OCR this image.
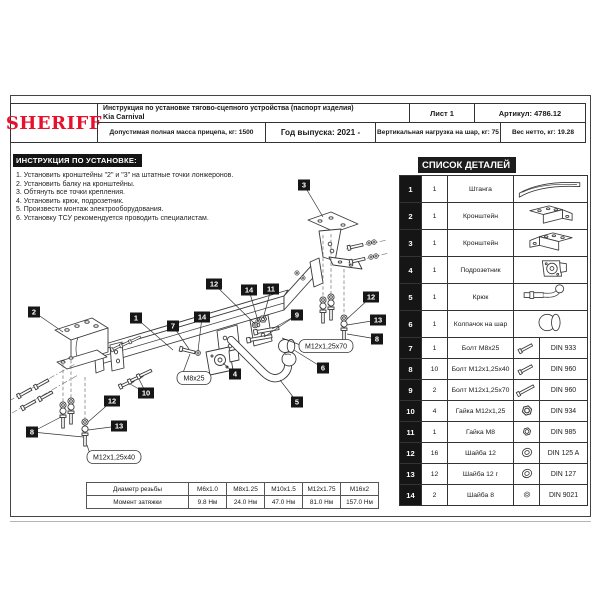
SHERIFF
Инструкция по установке тягово-сцепного устройства (паспорт изделия)
Kia Carnival	Лист 1	Артикул: 4786.12
Допустимая полная масса прицепа, кг: 1500	Год выпуска: 2021 -	Вертикальная нагрузка на шар, кг: 75	Вес нетто, кг: 19.28
ИНСТРУКЦИЯ ПО УСТАНОВКЕ:
1. Установить кронштейны "2" и "3" на штатные точки лонжеронов.
2. Установить балку на кронштейны.
3. Обтянуть все точки крепления.
4. Установить крюк, подрозетник.
5. Произвести монтаж электрооборудования.
6. Установку ТСУ рекомендуется проводить специалистам.
3
2
1
7
14
12
14 11
9
4
5
6
10
12
13
8
12
13
8
M8x25
M12x1,25x70
M12x1,25x40
СПИСОК ДЕТАЛЕЙ
1	1	Штанга	
2	1	Кронштейн	
3	1	Кронштейн	
4	1	Подрозетник	
5	1	Крюк	
6	1	Колпачок на шар	
7	1	Болт М8х25		DIN 933
8	10	Болт М12х1,25х40		DIN 960
9	2	Болт М12х1,25х70		DIN 960
10	4	Гайка М12х1,25		DIN 934
11	1	Гайка М8		DIN 985
12	16	Шайба 12		DIN 125 A
13	12	Шайба 12 г		DIN 127
14	2	Шайба 8		DIN 9021
Диаметр резьбы	М6х1.0	М8х1.25	М10х1.5	М12х1.75	М16х2
Момент затяжки	9.8 Нм	24.0 Нм	47.0 Нм	81.0 Нм	157.0 Нм
